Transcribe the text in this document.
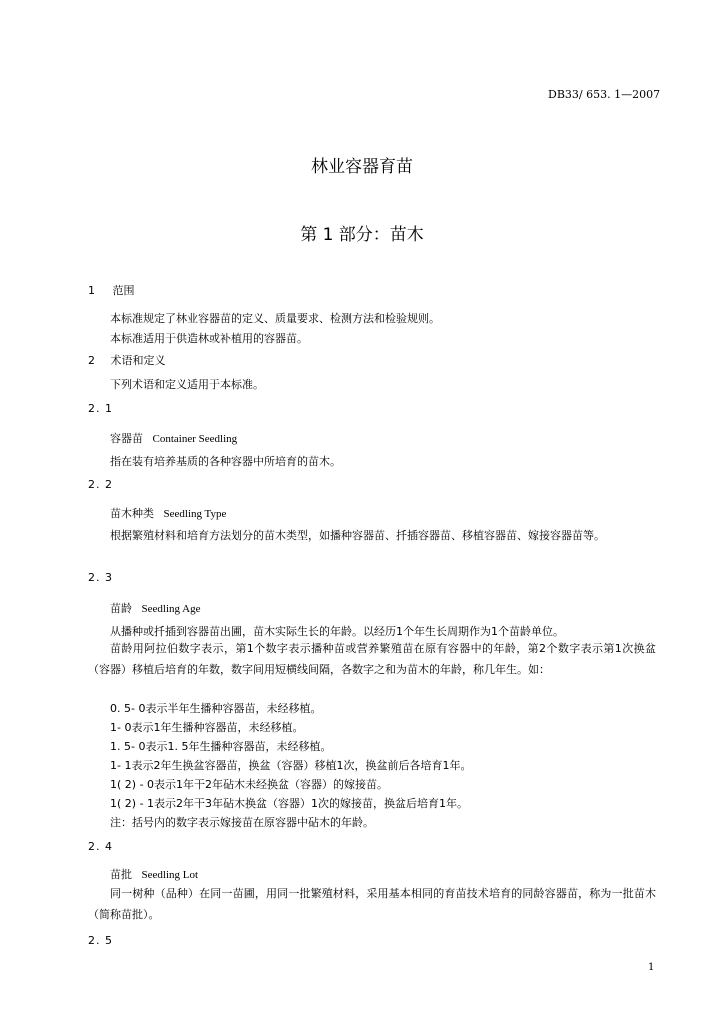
DB33/ 653. 1—2007
林业容器育苗
第 1 部分：苗木
1 范围
本标准规定了林业容器苗的定义、质量要求、检测方法和检验规则。
本标准适用于供造林或补植用的容器苗。
2 术语和定义
下列术语和定义适用于本标准。
2. 1
容器苗 Container Seedling
指在装有培养基质的各种容器中所培育的苗木。
2. 2
苗木种类 Seedling Type
根据繁殖材料和培育方法划分的苗木类型，如播种容器苗、扦插容器苗、移植容器苗、嫁接容器苗等。
2. 3
苗龄 Seedling Age
从播种或扦插到容器苗出圃，苗木实际生长的年龄。以经历1个年生长周期作为1个苗龄单位。
苗龄用阿拉伯数字表示，第1个数字表示播种苗或营养繁殖苗在原有容器中的年龄，第2个数字表示第1次换盆（容器）移植后培育的年数，数字间用短横线间隔，各数字之和为苗木的年龄，称几年生。如：
0. 5- 0表示半年生播种容器苗，未经移植。
1- 0表示1年生播种容器苗，未经移植。
1. 5- 0表示1. 5年生播种容器苗，未经移植。
1- 1表示2年生换盆容器苗，换盆（容器）移植1次，换盆前后各培育1年。
1( 2) - 0表示1年干2年砧木未经换盆（容器）的嫁接苗。
1( 2) - 1表示2年干3年砧木换盆（容器）1次的嫁接苗，换盆后培育1年。
注：括号内的数字表示嫁接苗在原容器中砧木的年龄。
2. 4
苗批 Seedling Lot
同一树种（品种）在同一苗圃，用同一批繁殖材料，采用基本相同的育苗技术培育的同龄容器苗，称为一批苗木（简称苗批）。
2. 5
1
